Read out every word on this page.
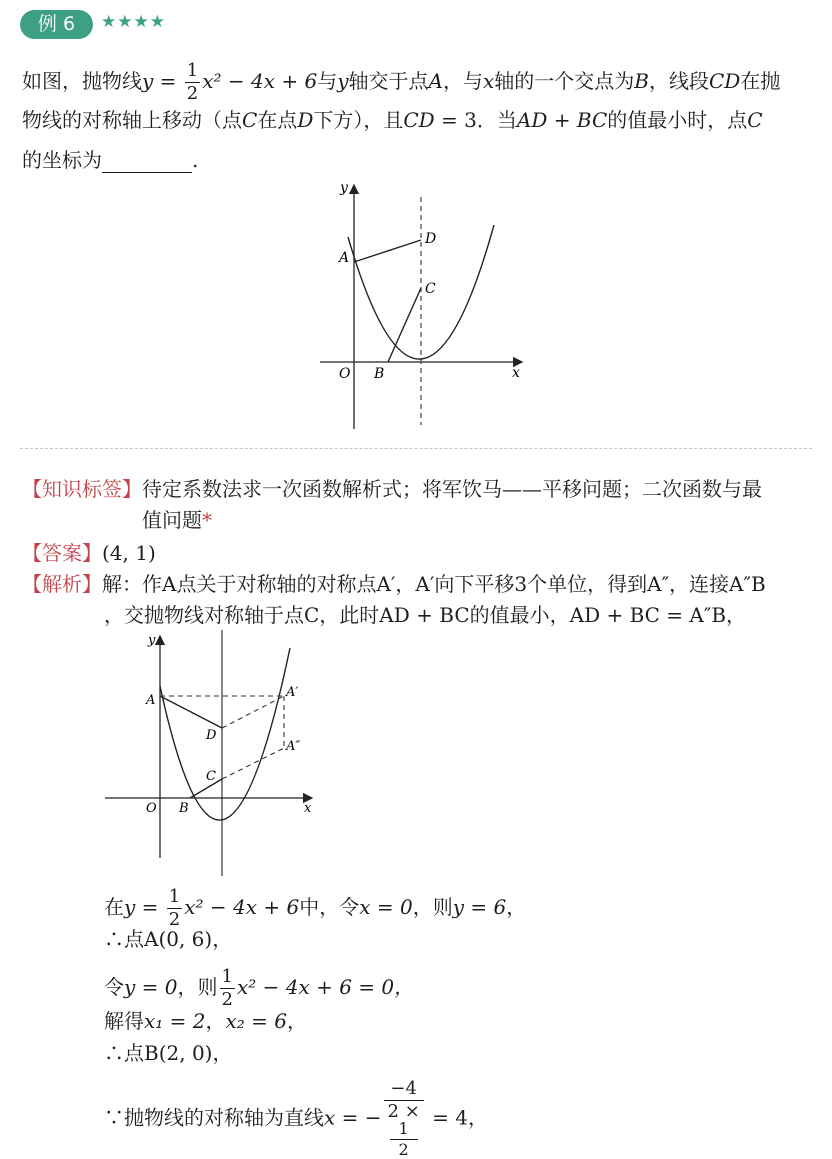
例 6	★★★★
如图，抛物线$y = \frac{1}{2} x^2 - 4x + 6$与y轴交于点A，与x轴的一个交点为B，线段CD在抛
物线的对称轴上移动（点C在点D下方），且CD = 3．当AD + BC的值最小时，点C
的坐标为	.
y
x
O
A
B
C
D
【知识标签】待定系数法求一次函数解析式；将军饮马——平移问题；二次函数与最
值问题*
【答案】(4, 1)
【解析】解：作A点关于对称轴的对称点A′，A′向下平移3个单位，得到A″，连接A″B
，交抛物线对称轴于点C，此时AD + BC的值最小，AD + BC = A″B，
y
x
O
A
A′
A″
B
C
D
在$y = \frac{1}{2} x^2 - 4x + 6$中，令x = 0，则y = 6，
∴点A(0, 6)，
令y = 0，则 $\frac{1}{2} x^2 - 4x + 6 = 0$，
解得x₁ = 2，x₂ = 6，
∴点B(2, 0)，
∵抛物线的对称轴为直线x = − −4
2 ×
1
2 = 4，
